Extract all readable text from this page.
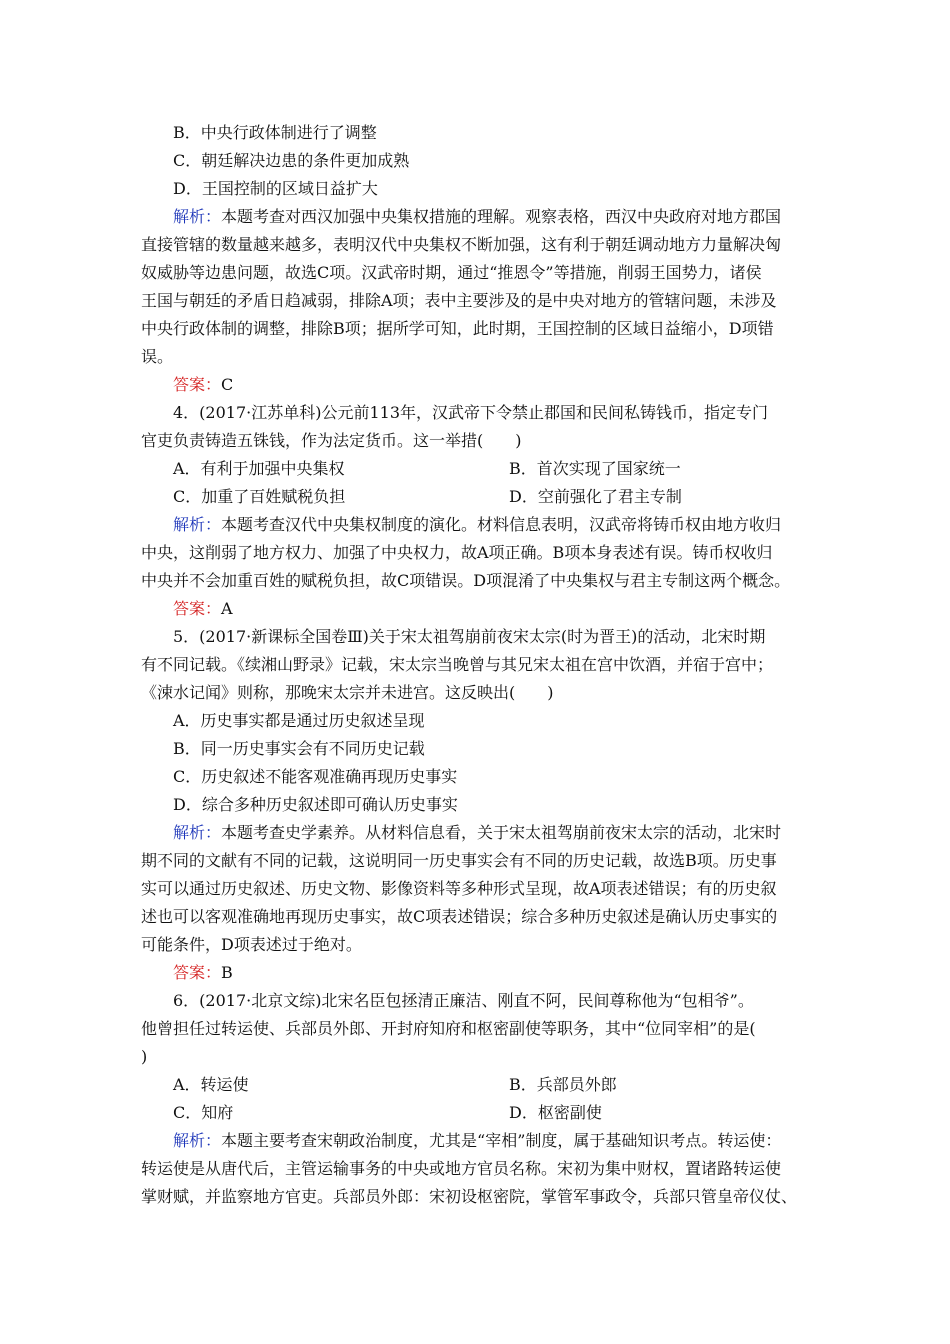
B．中央行政体制进行了调整
C．朝廷解决边患的条件更加成熟
D．王国控制的区域日益扩大
解析：本题考查对西汉加强中央集权措施的理解。观察表格，西汉中央政府对地方郡国
直接管辖的数量越来越多，表明汉代中央集权不断加强，这有利于朝廷调动地方力量解决匈
奴威胁等边患问题，故选C项。汉武帝时期，通过“推恩令”等措施，削弱王国势力，诸侯
王国与朝廷的矛盾日趋减弱，排除A项；表中主要涉及的是中央对地方的管辖问题，未涉及
中央行政体制的调整，排除B项；据所学可知，此时期，王国控制的区域日益缩小，D项错
误。
答案：C
4．(2017·江苏单科)公元前113年，汉武帝下令禁止郡国和民间私铸钱币，指定专门
官吏负责铸造五铢钱，作为法定货币。这一举措(　　)
A．有利于加强中央集权	B．首次实现了国家统一
C．加重了百姓赋税负担	D．空前强化了君主专制
解析：本题考查汉代中央集权制度的演化。材料信息表明，汉武帝将铸币权由地方收归
中央，这削弱了地方权力、加强了中央权力，故A项正确。B项本身表述有误。铸币权收归
中央并不会加重百姓的赋税负担，故C项错误。D项混淆了中央集权与君主专制这两个概念。
答案：A
5．(2017·新课标全国卷Ⅲ)关于宋太祖驾崩前夜宋太宗(时为晋王)的活动，北宋时期
有不同记载。《续湘山野录》记载，宋太宗当晚曾与其兄宋太祖在宫中饮酒，并宿于宫中；
《涑水记闻》则称，那晚宋太宗并未进宫。这反映出(　　)
A．历史事实都是通过历史叙述呈现
B．同一历史事实会有不同历史记载
C．历史叙述不能客观准确再现历史事实
D．综合多种历史叙述即可确认历史事实
解析：本题考查史学素养。从材料信息看，关于宋太祖驾崩前夜宋太宗的活动，北宋时
期不同的文献有不同的记载，这说明同一历史事实会有不同的历史记载，故选B项。历史事
实可以通过历史叙述、历史文物、影像资料等多种形式呈现，故A项表述错误；有的历史叙
述也可以客观准确地再现历史事实，故C项表述错误；综合多种历史叙述是确认历史事实的
可能条件，D项表述过于绝对。
答案：B
6．(2017·北京文综)北宋名臣包拯清正廉洁、刚直不阿，民间尊称他为“包相爷”。
他曾担任过转运使、兵部员外郎、开封府知府和枢密副使等职务，其中“位同宰相”的是(
)
A．转运使	B．兵部员外郎
C．知府	D．枢密副使
解析：本题主要考查宋朝政治制度，尤其是“宰相”制度，属于基础知识考点。转运使：
转运使是从唐代后，主管运输事务的中央或地方官员名称。宋初为集中财权，置诸路转运使
掌财赋，并监察地方官吏。兵部员外郎：宋初设枢密院，掌管军事政令，兵部只管皇帝仪仗、
